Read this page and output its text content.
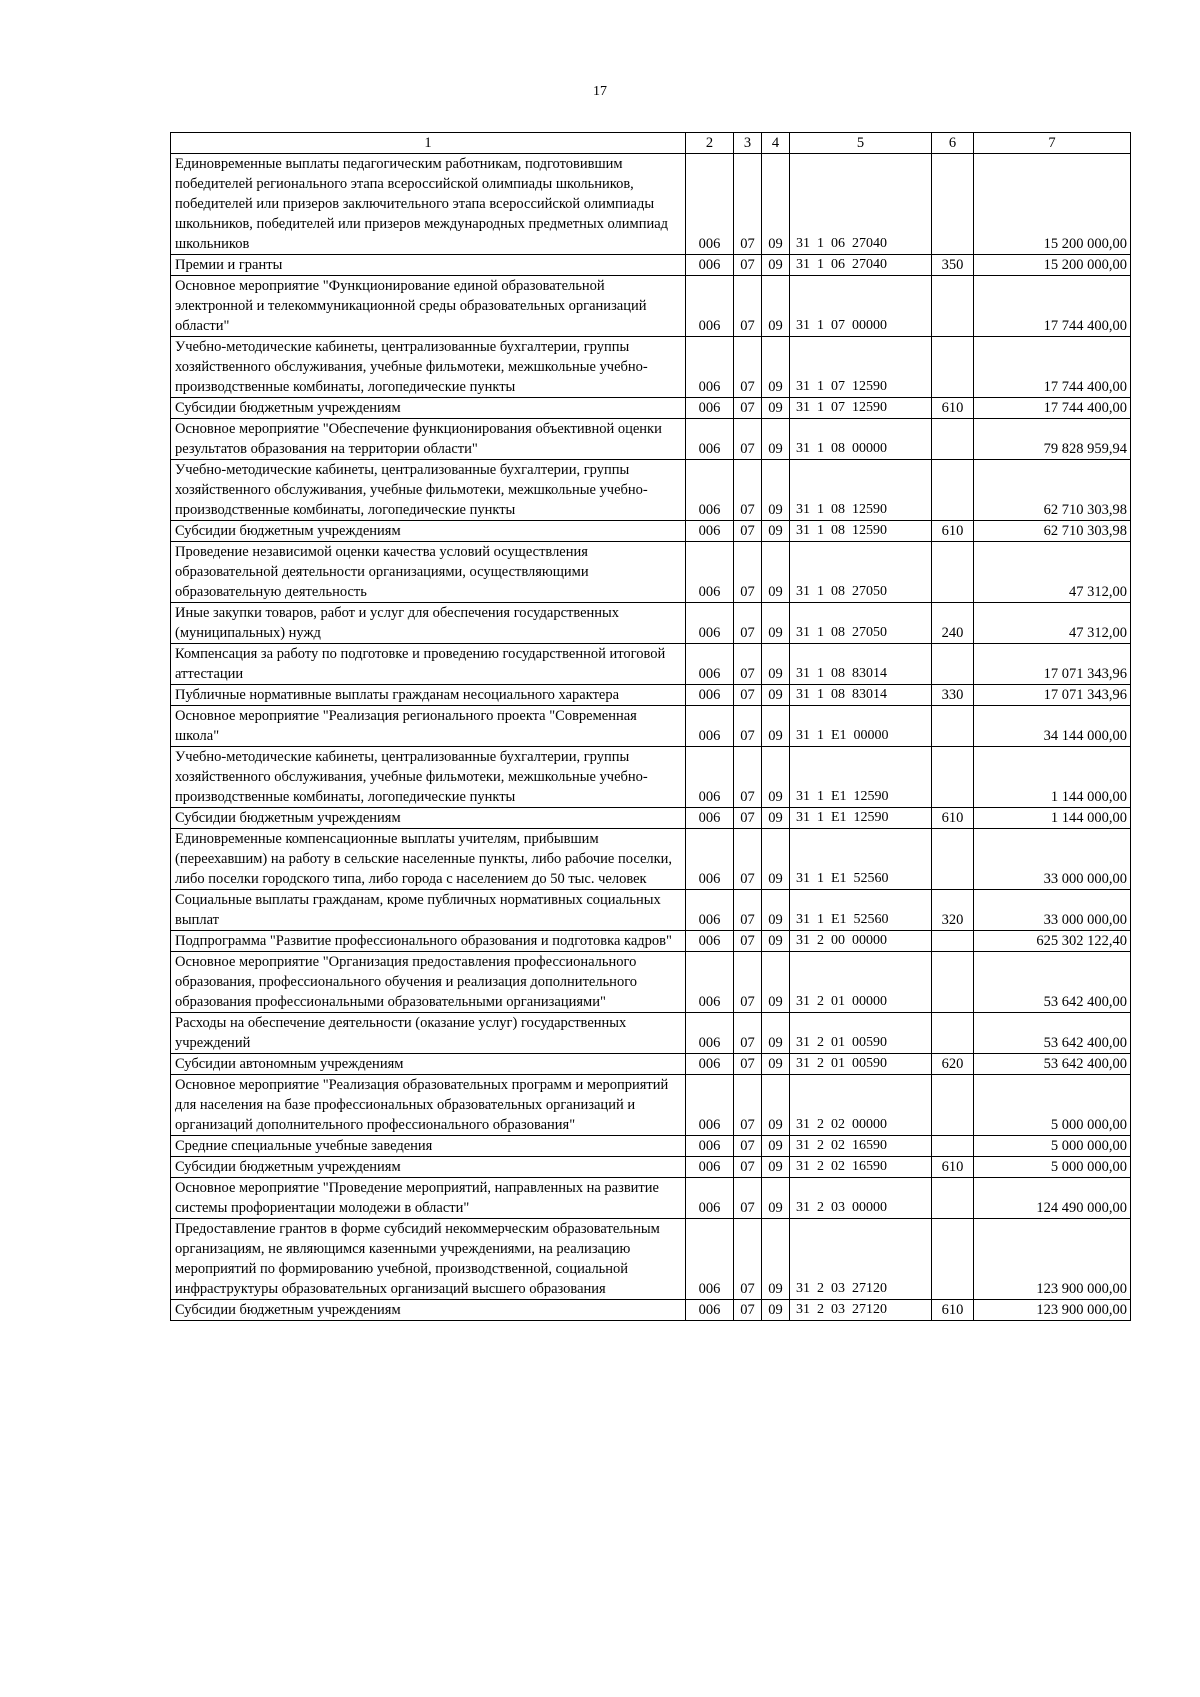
17
1	2	3	4	5	6	7
Единовременные выплаты педагогическим работникам, подготовившим победителей регионального этапа всероссийской олимпиады школьников, победителей или призеров заключительного этапа всероссийской олимпиады школьников, победителей или призеров международных предметных олимпиад школьников	006	07	09	31  1  06  27040		15 200 000,00
Премии и гранты	006	07	09	31  1  06  27040	350	15 200 000,00
Основное мероприятие "Функционирование единой образовательной электронной и телекоммуникационной среды образовательных организаций области"	006	07	09	31  1  07  00000		17 744 400,00
Учебно-методические кабинеты, централизованные бухгалтерии, группы хозяйственного обслуживания, учебные фильмотеки, межшкольные учебно-производственные комбинаты, логопедические пункты	006	07	09	31  1  07  12590		17 744 400,00
Субсидии бюджетным учреждениям	006	07	09	31  1  07  12590	610	17 744 400,00
Основное мероприятие "Обеспечение функционирования объективной оценки результатов образования на территории области"	006	07	09	31  1  08  00000		79 828 959,94
Учебно-методические кабинеты, централизованные бухгалтерии, группы хозяйственного обслуживания, учебные фильмотеки, межшкольные учебно-производственные комбинаты, логопедические пункты	006	07	09	31  1  08  12590		62 710 303,98
Субсидии бюджетным учреждениям	006	07	09	31  1  08  12590	610	62 710 303,98
Проведение независимой оценки качества условий осуществления образовательной деятельности организациями, осуществляющими образовательную деятельность	006	07	09	31  1  08  27050		47 312,00
Иные закупки товаров, работ и услуг для обеспечения государственных (муниципальных) нужд	006	07	09	31  1  08  27050	240	47 312,00
Компенсация за работу по подготовке и проведению государственной итоговой аттестации	006	07	09	31  1  08  83014		17 071 343,96
Публичные нормативные выплаты гражданам несоциального характера	006	07	09	31  1  08  83014	330	17 071 343,96
Основное мероприятие "Реализация регионального проекта "Современная школа"	006	07	09	31  1  E1  00000		34 144 000,00
Учебно-методические кабинеты, централизованные бухгалтерии, группы хозяйственного обслуживания, учебные фильмотеки, межшкольные учебно-производственные комбинаты, логопедические пункты	006	07	09	31  1  E1  12590		1 144 000,00
Субсидии бюджетным учреждениям	006	07	09	31  1  E1  12590	610	1 144 000,00
Единовременные компенсационные выплаты учителям, прибывшим (переехавшим) на работу в сельские населенные пункты, либо рабочие поселки, либо поселки городского типа, либо города с населением до 50 тыс. человек	006	07	09	31  1  E1  52560		33 000 000,00
Социальные выплаты гражданам, кроме публичных нормативных социальных выплат	006	07	09	31  1  E1  52560	320	33 000 000,00
Подпрограмма "Развитие профессионального образования и подготовка кадров"	006	07	09	31  2  00  00000		625 302 122,40
Основное мероприятие "Организация предоставления профессионального образования, профессионального обучения и реализация дополнительного образования профессиональными образовательными организациями"	006	07	09	31  2  01  00000		53 642 400,00
Расходы на обеспечение деятельности (оказание услуг) государственных учреждений	006	07	09	31  2  01  00590		53 642 400,00
Субсидии автономным учреждениям	006	07	09	31  2  01  00590	620	53 642 400,00
Основное мероприятие "Реализация образовательных программ и мероприятий для населения на базе профессиональных образовательных организаций и организаций дополнительного профессионального образования"	006	07	09	31  2  02  00000		5 000 000,00
Средние специальные учебные заведения	006	07	09	31  2  02  16590		5 000 000,00
Субсидии бюджетным учреждениям	006	07	09	31  2  02  16590	610	5 000 000,00
Основное мероприятие "Проведение мероприятий, направленных на развитие системы профориентации молодежи в области"	006	07	09	31  2  03  00000		124 490 000,00
Предоставление грантов в форме субсидий некоммерческим образовательным организациям, не являющимся казенными учреждениями, на реализацию мероприятий по формированию учебной, производственной, социальной инфраструктуры образовательных организаций высшего образования	006	07	09	31  2  03  27120		123 900 000,00
Субсидии бюджетным учреждениям	006	07	09	31  2  03  27120	610	123 900 000,00
